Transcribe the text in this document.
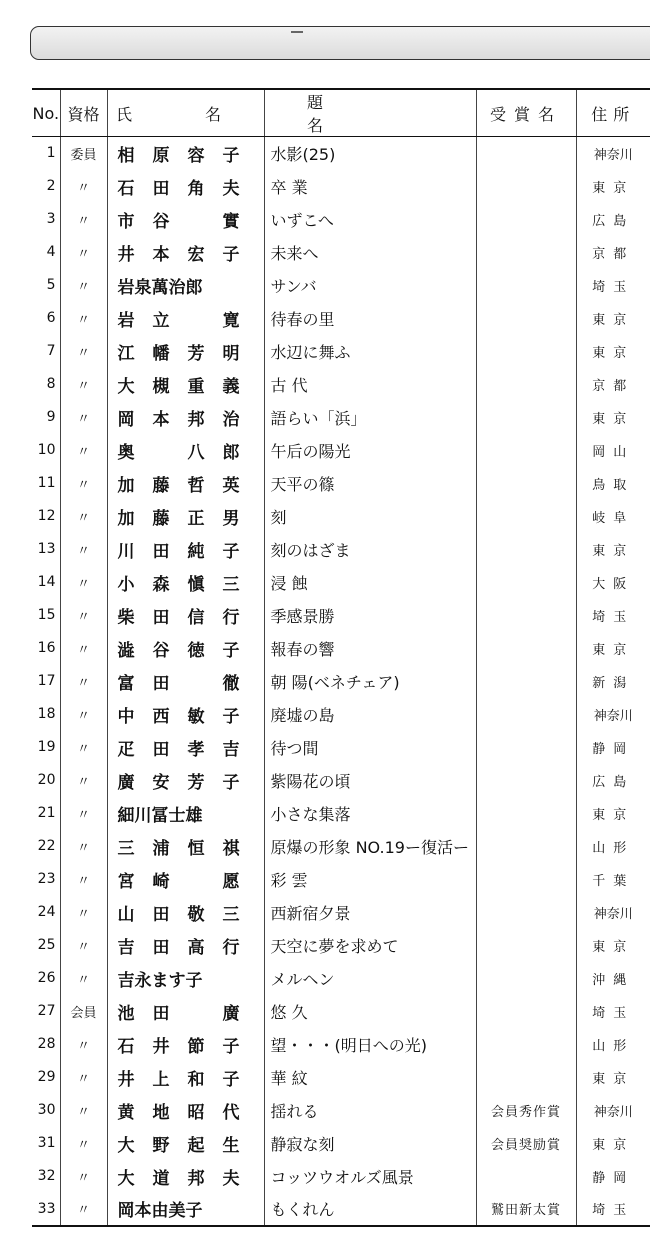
No.	資格	氏 名	題 名	受賞名	住所
1	委員	相原容子	水影(25)		神奈川
2	〃	石田角夫	卒 業		東京
3	〃	市谷　實	いずこへ		広島
4	〃	井本宏子	未来へ		京都
5	〃	岩泉萬治郎	サンバ		埼玉
6	〃	岩立　寛	待春の里		東京
7	〃	江幡芳明	水辺に舞ふ		東京
8	〃	大槻重義	古 代		京都
9	〃	岡本邦治	語らい「浜」		東京
10	〃	奥　八郎	午后の陽光		岡山
11	〃	加藤哲英	天平の篠		鳥取
12	〃	加藤正男	刻		岐阜
13	〃	川田純子	刻のはざま		東京
14	〃	小森愼三	浸 蝕		大阪
15	〃	柴田信行	季感景勝		埼玉
16	〃	澁谷徳子	報春の響		東京
17	〃	富田　徹	朝 陽(ベネチェア)		新潟
18	〃	中西敏子	廃墟の島		神奈川
19	〃	疋田孝吉	待つ間		静岡
20	〃	廣安芳子	紫陽花の頃		広島
21	〃	細川冨士雄	小さな集落		東京
22	〃	三浦恒祺	原爆の形象 NO.19ー復活ー		山形
23	〃	宮崎　愿	彩 雲		千葉
24	〃	山田敬三	西新宿夕景		神奈川
25	〃	吉田高行	天空に夢を求めて		東京
26	〃	吉永ます子	メルヘン		沖縄
27	会員	池田　廣	悠 久		埼玉
28	〃	石井節子	望・・・(明日への光)		山形
29	〃	井上和子	華 紋		東京
30	〃	黄地昭代	揺れる	会員秀作賞	神奈川
31	〃	大野起生	静寂な刻	会員奨励賞	東京
32	〃	大道邦夫	コッツウオルズ風景		静岡
33	〃	岡本由美子	もくれん	鷲田新太賞	埼玉
